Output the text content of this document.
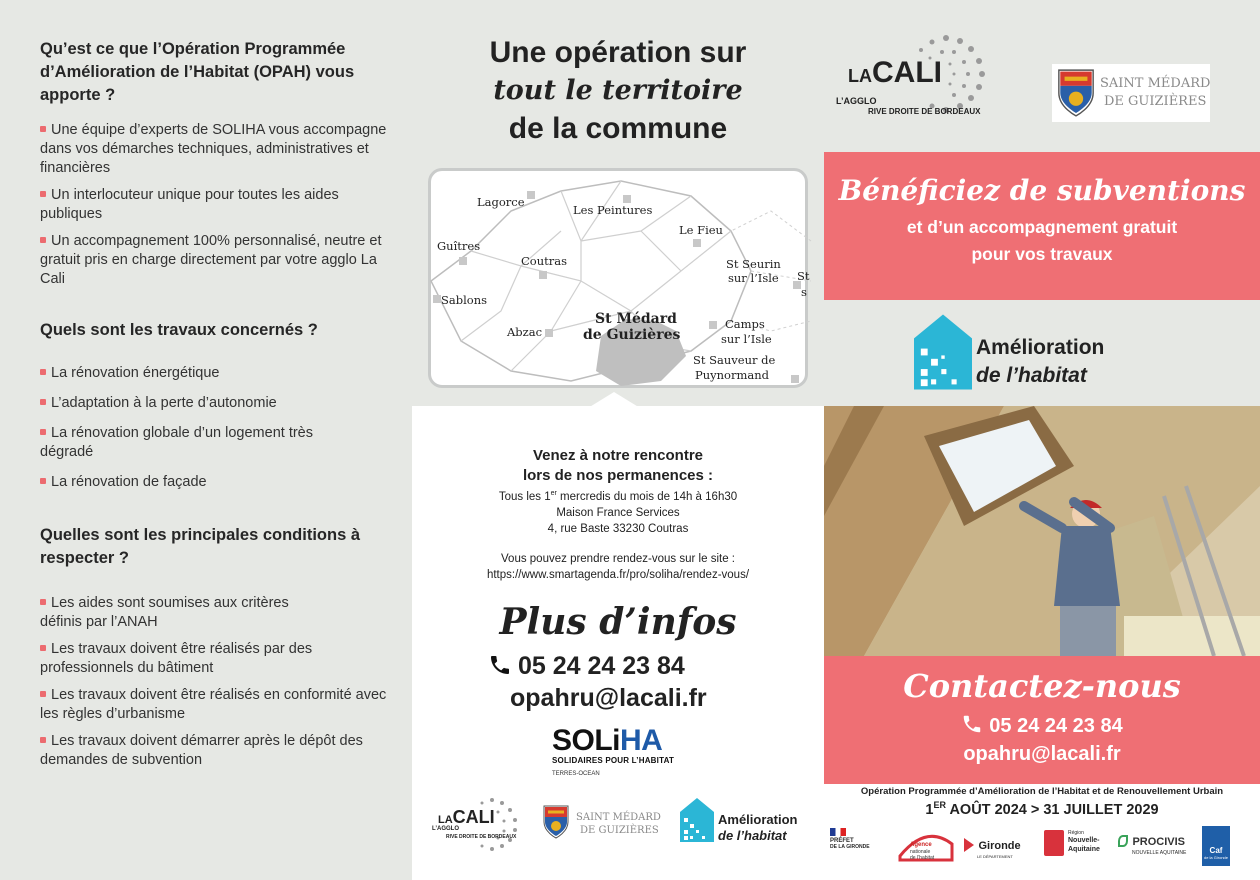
Qu’est ce que l’Opération Programmée d’Amélioration de l’Habitat (OPAH) vous apporte ?
Une équipe d’experts de SOLIHA vous accompagne dans vos démarches techniques, administratives et financières
Un interlocuteur unique pour toutes les aides publiques
Un accompagnement 100% personnalisé, neutre et gratuit pris en charge directement par votre agglo La Cali
Quels sont les travaux concernés ?
La rénovation énergétique
L’adaptation à la perte d’autonomie
La rénovation globale d’un logement très dégradé
La rénovation de façade
Quelles sont les principales conditions à respecter ?
Les aides sont soumises aux critères définis par l’ANAH
Les travaux doivent être réalisés par des professionnels du bâtiment
Les travaux doivent être réalisés en conformité avec les règles d’urbanisme
Les travaux doivent démarrer après le dépôt des demandes de subvention
Une opération sur
tout le territoire
de la commune
Lagorce
Les Peintures
Le Fieu
Guîtres
Coutras	St Seurin
sur l’Isle
Sablons
Abzac
St Médard
de Guizières
Camps
sur l’Isle
St Sauveur de
Puynormand
St
s
Venez à notre rencontre
lors de nos permanences :
Tous les 1er mercredis du mois de 14h à 16h30
Maison France Services
4, rue Baste 33230 Coutras
Vous pouvez prendre rendez-vous sur le site :
https://www.smartagenda.fr/pro/soliha/rendez-vous/
Plus d’infos
05 24 24 23 84
opahru@lacali.fr
SOLiHA
SOLIDAIRES POUR L’HABITAT
TERRES-OCEAN
LACALI
L’AGGLO
RIVE DROITE DE BORDEAUX
SAINT MÉDARD
DE GUIZIÈRES
Amélioration
de l’habitat
LACALI
L’AGGLO
RIVE DROITE DE BORDEAUX
SAINT MÉDARD
DE GUIZIÈRES
Bénéficiez de subventions
et d’un accompagnement gratuit
pour vos travaux
Amélioration
de l’habitat
Contactez-nous
05 24 24 23 84
opahru@lacali.fr
Opération Programmée d’Amélioration de l’Habitat et de Renouvellement Urbain
1ER AOÛT 2024 > 31 JUILLET 2029
PRÉFET
DE LA GIRONDE	Agence
nationale
de l’habitat
Gironde
LE DÉPARTEMENT
Région
Nouvelle-
Aquitaine
PROCIVIS
NOUVELLE AQUITAINE	Caf
de la Gironde
